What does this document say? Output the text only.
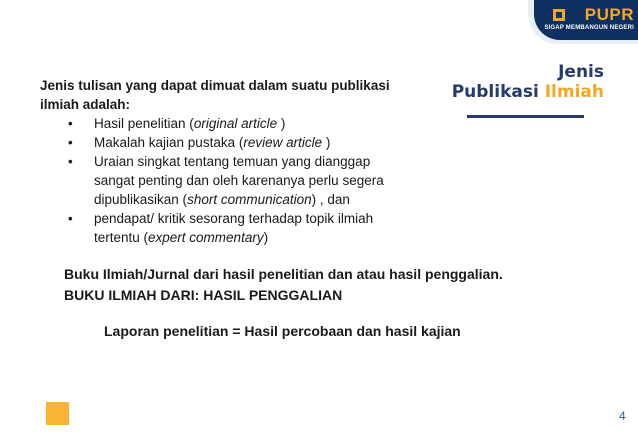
PUPR
SIGAP MEMBANGUN NEGERI
Jenis
Publikasi Ilmiah
Jenis tulisan yang dapat dimuat dalam suatu publikasi
ilmiah adalah:
• Hasil penelitian (original article )
• Makalah kajian pustaka (review article )
• Uraian singkat tentang temuan yang dianggap
sangat penting dan oleh karenanya perlu segera
dipublikasikan (short communication) , dan
• pendapat/ kritik sesorang terhadap topik ilmiah
tertentu (expert commentary)
Buku Ilmiah/Jurnal dari hasil penelitian dan atau hasil penggalian.
BUKU ILMIAH DARI: HASIL PENGGALIAN
Laporan penelitian = Hasil percobaan dan hasil kajian
4
